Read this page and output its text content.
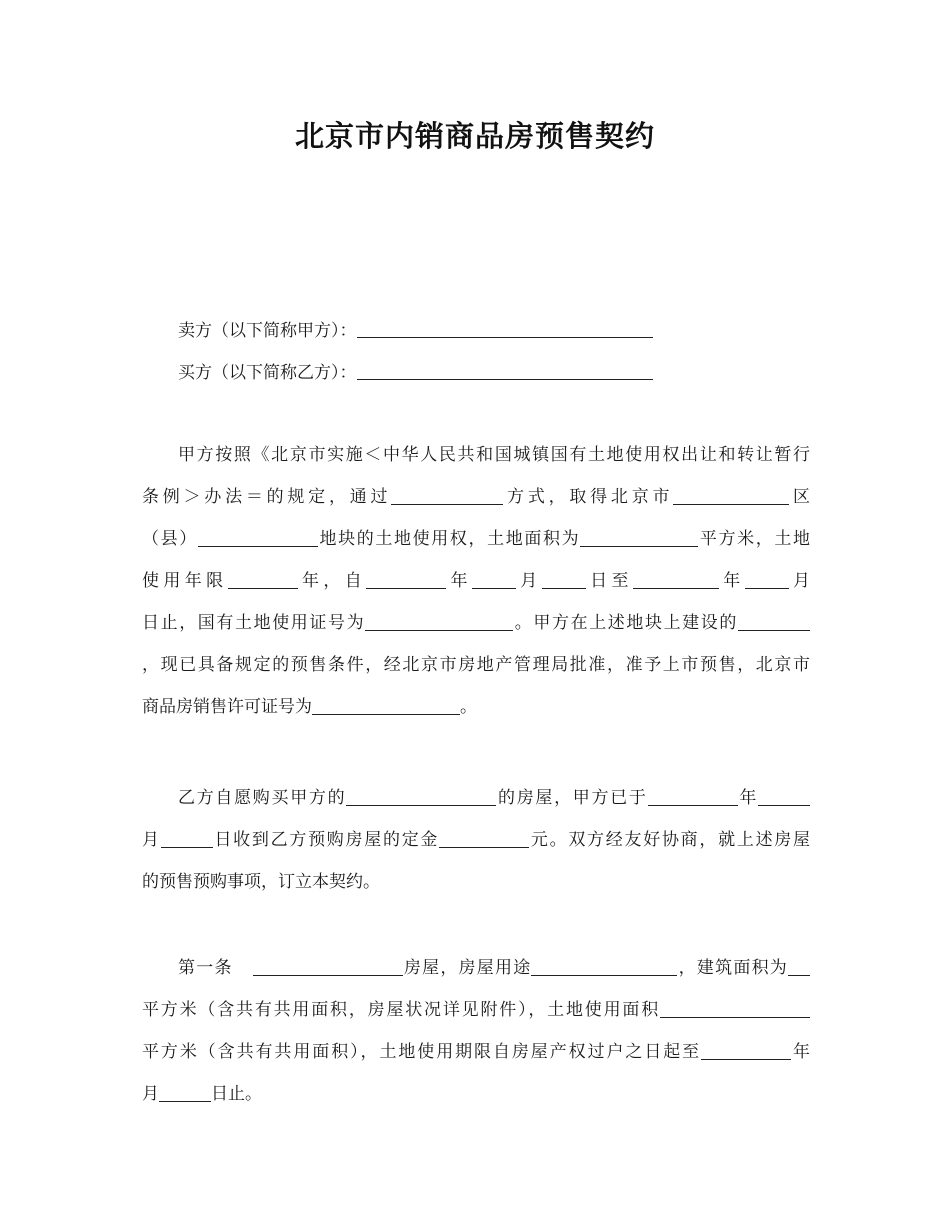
北京市内销商品房预售契约
卖方（以下简称甲方）：
买方（以下简称乙方）：
甲方按照《北京市实施＜中华人民共和国城镇国有土地使用权出让和转让暂行
条例＞办法＝的规定，通过	方式，取得北京市	区
（县）	地块的土地使用权，土地面积为	平方米，土地
使用年限	年，自	年	月	日至	年	月
日止，国有土地使用证号为	。甲方在上述地块上建设的
，现已具备规定的预售条件，经北京市房地产管理局批准，准予上市预售，北京市
商品房销售许可证号为	。
乙方自愿购买甲方的	的房屋，甲方已于	年
月	日收到乙方预购房屋的定金	元。双方经友好协商，就上述房屋
的预售预购事项，订立本契约。
第一条	房屋，房屋用途	，建筑面积为
平方米（含共有共用面积，房屋状况详见附件），土地使用面积
平方米（含共有共用面积），土地使用期限自房屋产权过户之日起至	年
月	日止。
